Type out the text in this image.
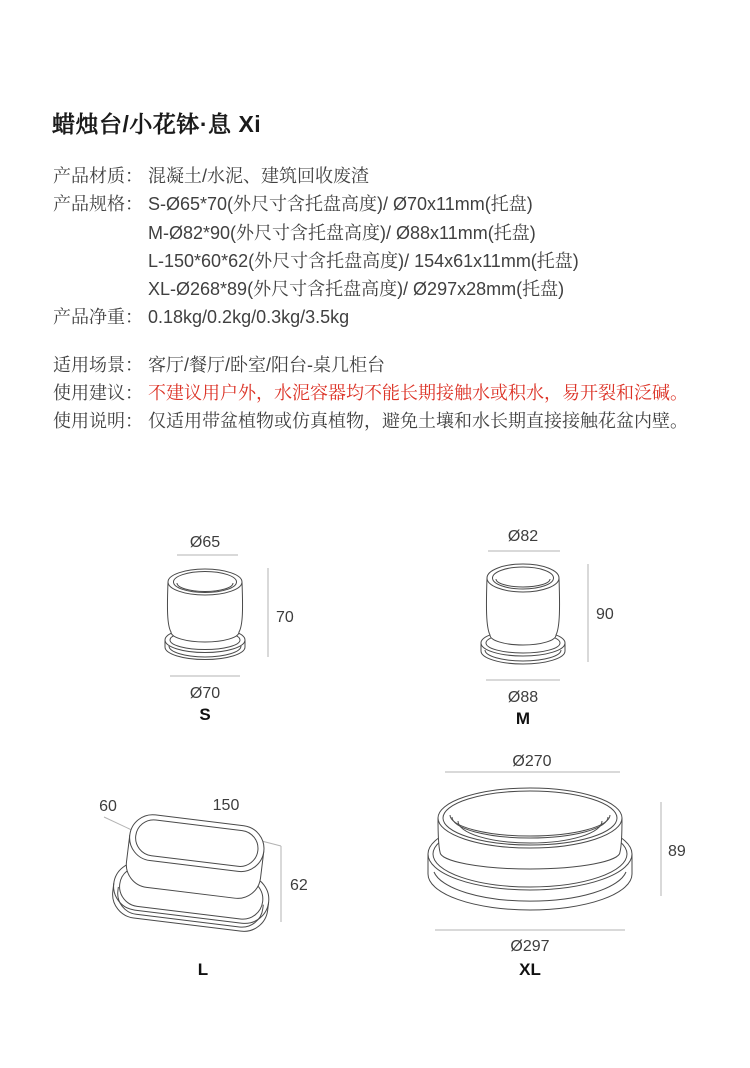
蜡烛台/小花钵·息 Xi
产品材质： 混凝土/水泥、建筑回收废渣
产品规格： S-Ø65*70(外尺寸含托盘高度)/ Ø70x11mm(托盘)
M-Ø82*90(外尺寸含托盘高度)/ Ø88x11mm(托盘)
L-150*60*62(外尺寸含托盘高度)/ 154x61x11mm(托盘)
XL-Ø268*89(外尺寸含托盘高度)/ Ø297x28mm(托盘)
产品净重： 0.18kg/0.2kg/0.3kg/3.5kg
适用场景： 客厅/餐厅/卧室/阳台-桌几柜台
使用建议： 不建议用户外，水泥容器均不能长期接触水或积水，易开裂和泛碱。
使用说明： 仅适用带盆植物或仿真植物，避免土壤和水长期直接接触花盆内壁。
Ø65
70
Ø70
S
Ø82
90
Ø88
M
60	150
62
L
Ø270
89
Ø297
XL
